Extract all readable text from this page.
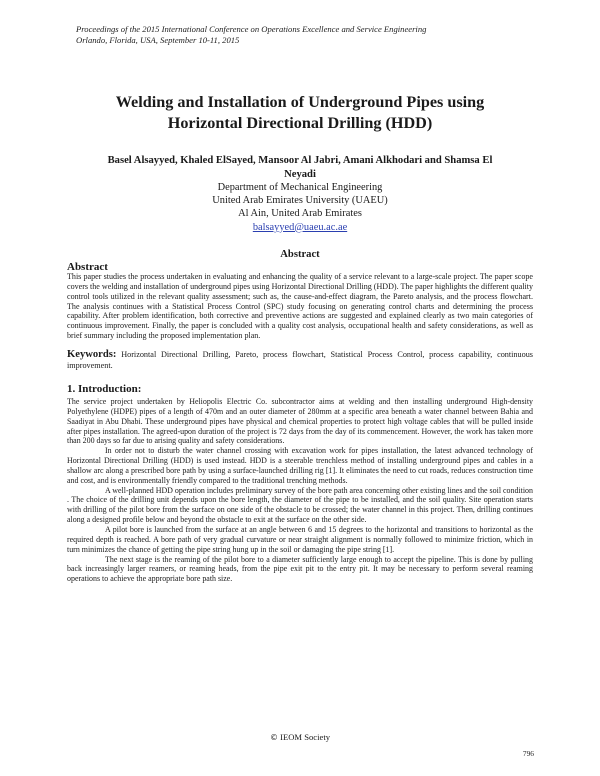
Proceedings of the 2015 International Conference on Operations Excellence and Service Engineering
Orlando, Florida, USA, September 10-11, 2015
Welding and Installation of Underground Pipes using
Horizontal Directional Drilling (HDD)
Basel Alsayyed, Khaled ElSayed, Mansoor Al Jabri, Amani Alkhodari and Shamsa El
Neyadi
Department of Mechanical Engineering
United Arab Emirates University (UAEU)
Al Ain, United Arab Emirates
balsayyed@uaeu.ac.ae
Abstract
Abstract
This paper studies the process undertaken in evaluating and enhancing the quality of a service relevant to a large-scale project. The paper scope covers the welding and installation of underground pipes using Horizontal Directional Drilling (HDD). The paper highlights the different quality control tools utilized in the relevant quality assessment; such as, the cause-and-effect diagram, the Pareto analysis, and the process flowchart. The analysis continues with a Statistical Process Control (SPC) study focusing on generating control charts and determining the process capability. After problem identification, both corrective and preventive actions are suggested and explained clearly as two main categories of continuous improvement. Finally, the paper is concluded with a quality cost analysis, occupational health and safety considerations, as well as brief summary including the proposed implementation plan.
Keywords: Horizontal Directional Drilling, Pareto, process flowchart, Statistical Process Control, process capability, continuous improvement.
1. Introduction:

The service project undertaken by Heliopolis Electric Co. subcontractor aims at welding and then installing underground High-density Polyethylene (HDPE) pipes of a length of 470m and an outer diameter of 280mm at a specific area beneath a water channel between Bahia and Saadiyat in Abu Dhabi. These underground pipes have physical and chemical properties to protect high voltage cables that will be pulled inside after pipes installation. The agreed-upon duration of the project is 72 days from the day of its commencement. However, the work has taken more than 200 days so far due to arising quality and safety considerations.

In order not to disturb the water channel crossing with excavation work for pipes installation, the latest advanced technology of Horizontal Directional Drilling (HDD) is used instead. HDD is a steerable trenchless method of installing underground pipes and cables in a shallow arc along a prescribed bore path by using a surface-launched drilling rig [1]. It eliminates the need to cut roads, reduces construction time and cost, and is environmentally friendly compared to the traditional trenching methods.

A well-planned HDD operation includes preliminary survey of the bore path area concerning other existing lines and the soil condition . The choice of the drilling unit depends upon the bore length, the diameter of the pipe to be installed, and the soil quality. Site operation starts with drilling of the pilot bore from the surface on one side of the obstacle to be crossed; the water channel in this project. Then, drilling continues along a designed profile below and beyond the obstacle to exit at the surface on the other side.

A pilot bore is launched from the surface at an angle between 6 and 15 degrees to the horizontal and transitions to horizontal as the required depth is reached. A bore path of very gradual curvature or near straight alignment is normally followed to minimize friction, which in turn minimizes the chance of getting the pipe string hung up in the soil or damaging the pipe string [1].

The next stage is the reaming of the pilot bore to a diameter sufficiently large enough to accept the pipeline. This is done by pulling back increasingly larger reamers, or reaming heads, from the pipe exit pit to the entry pit. It may be necessary to perform several reaming operations to achieve the appropriate bore path size.

© IEOM Society
796
